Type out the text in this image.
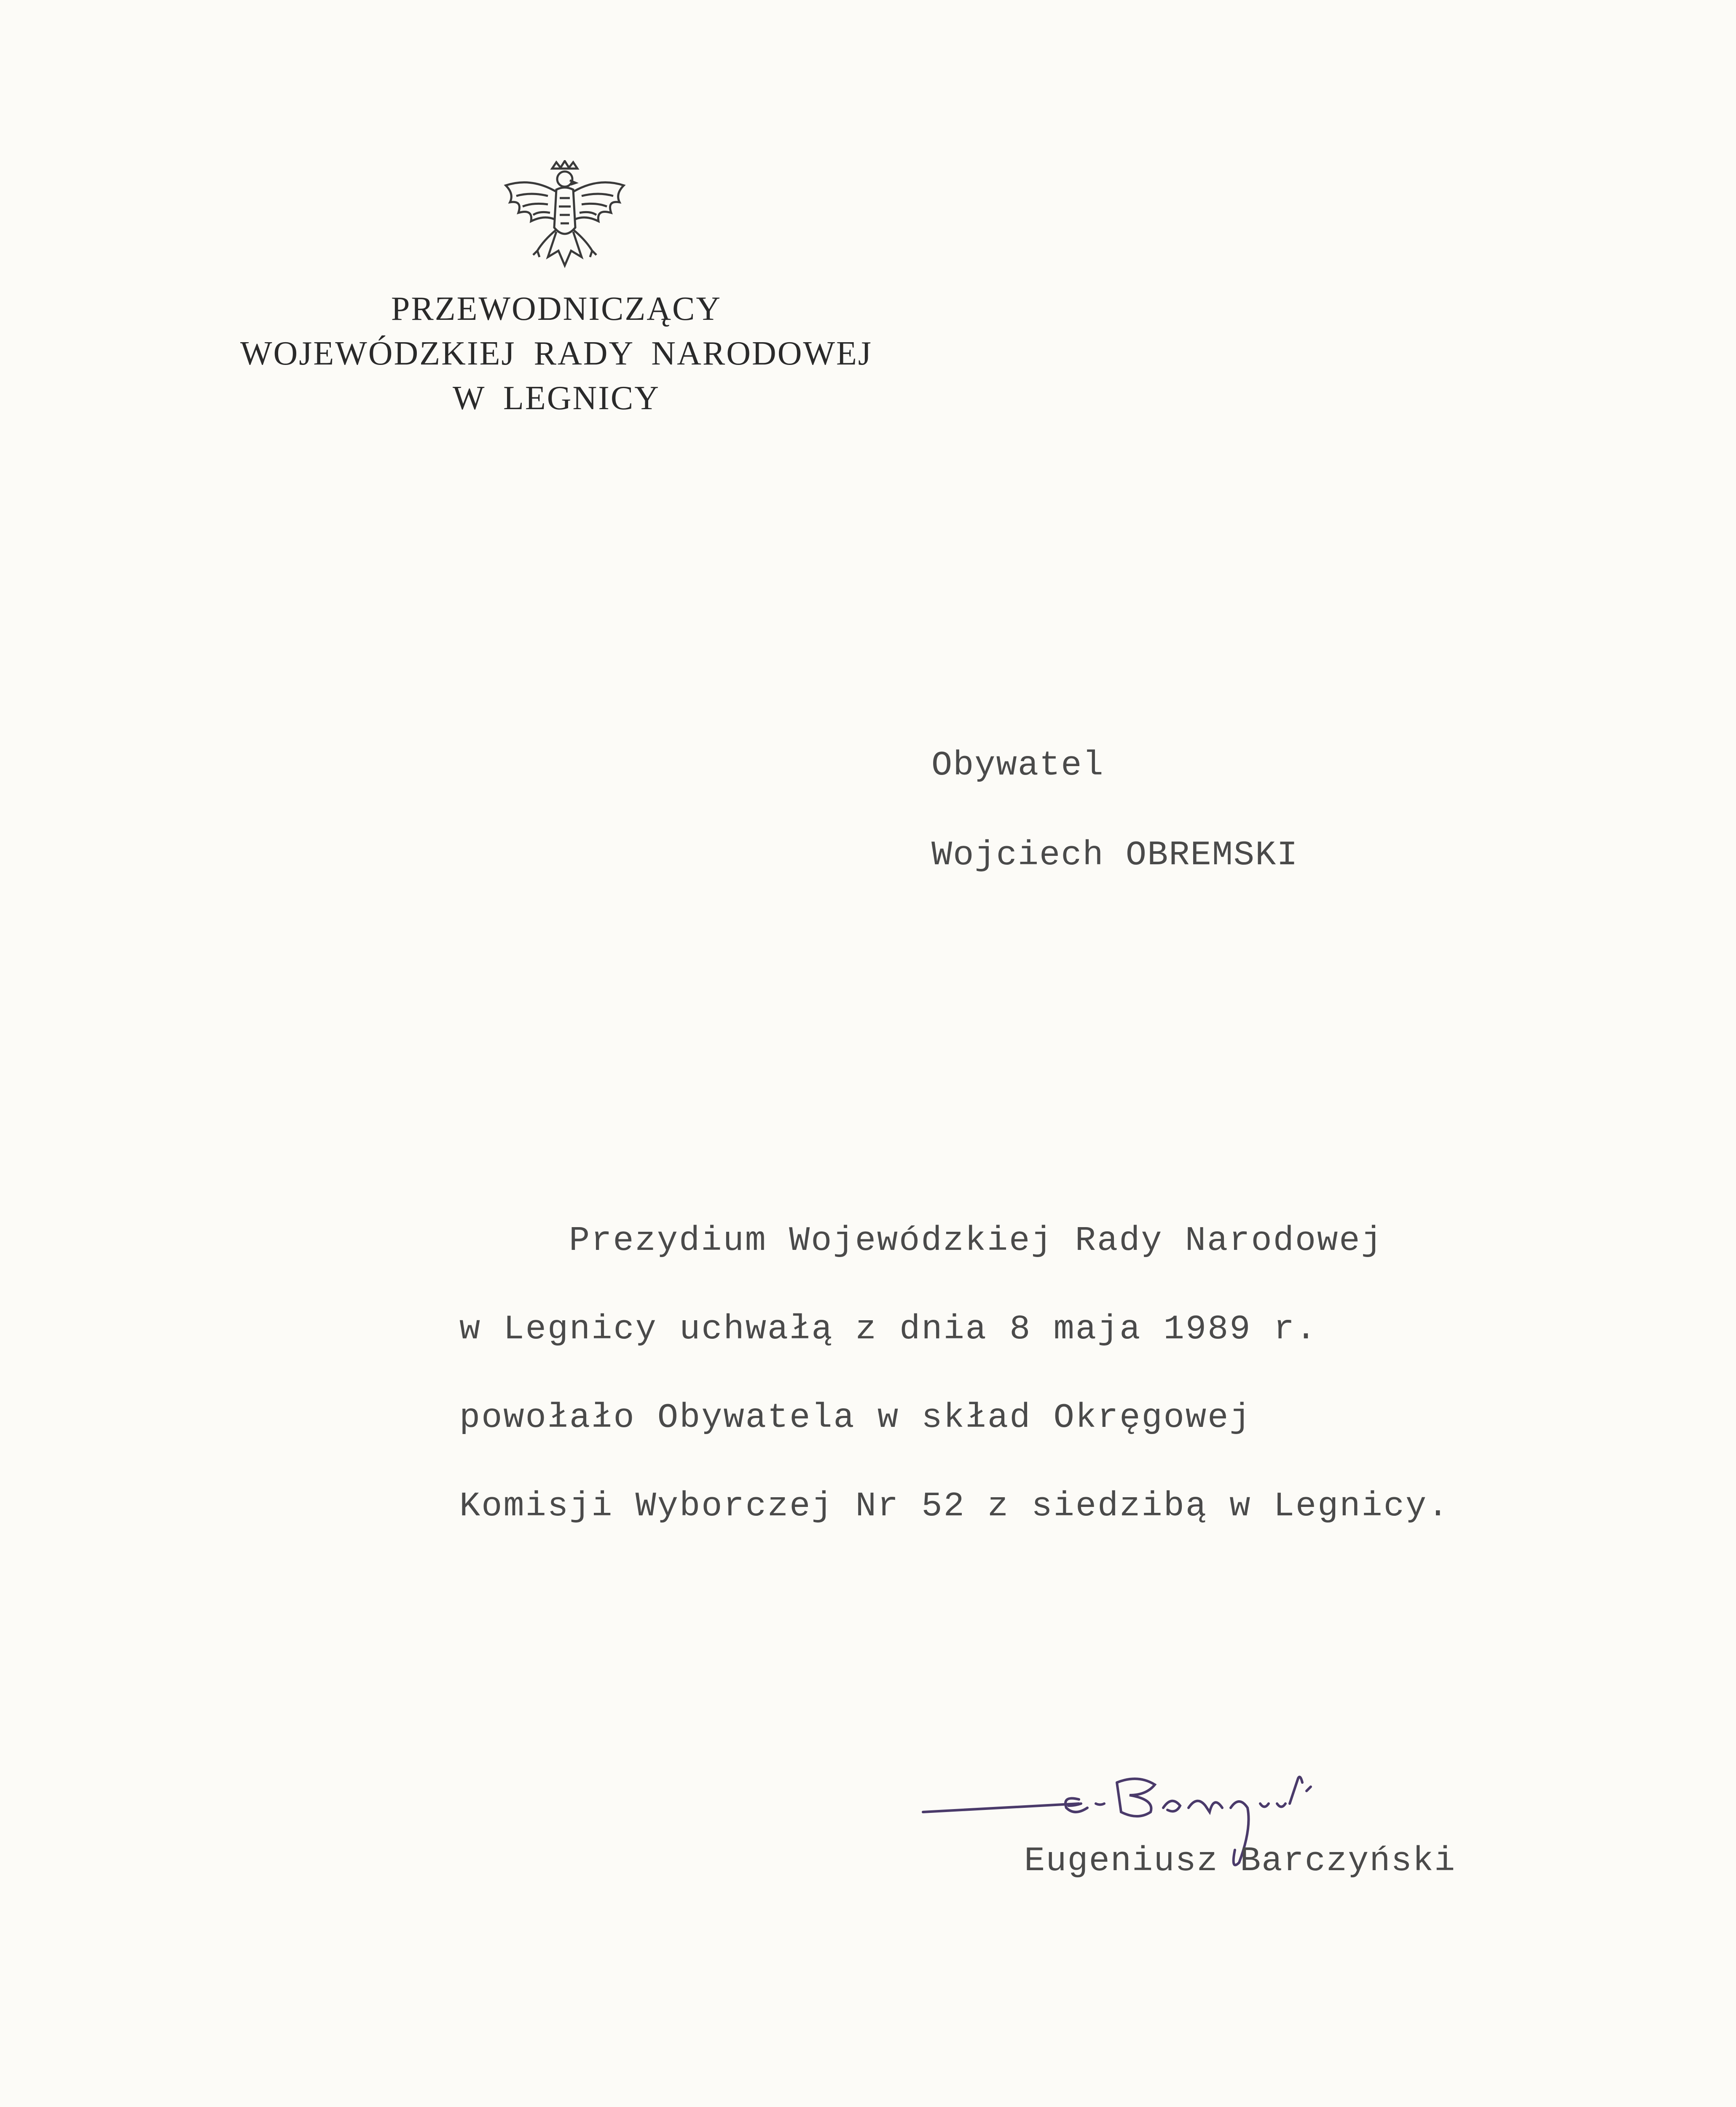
PRZEWODNICZĄCY
WOJEWÓDZKIEJ RADY NARODOWEJ
W LEGNICY
Obywatel
Wojciech OBREMSKI
Prezydium Wojewódzkiej Rady Narodowej
w Legnicy uchwałą z dnia 8 maja 1989 r.
powołało Obywatela w skład Okręgowej
Komisji Wyborczej Nr 52 z siedzibą w Legnicy.
Eugeniusz Barczyński
